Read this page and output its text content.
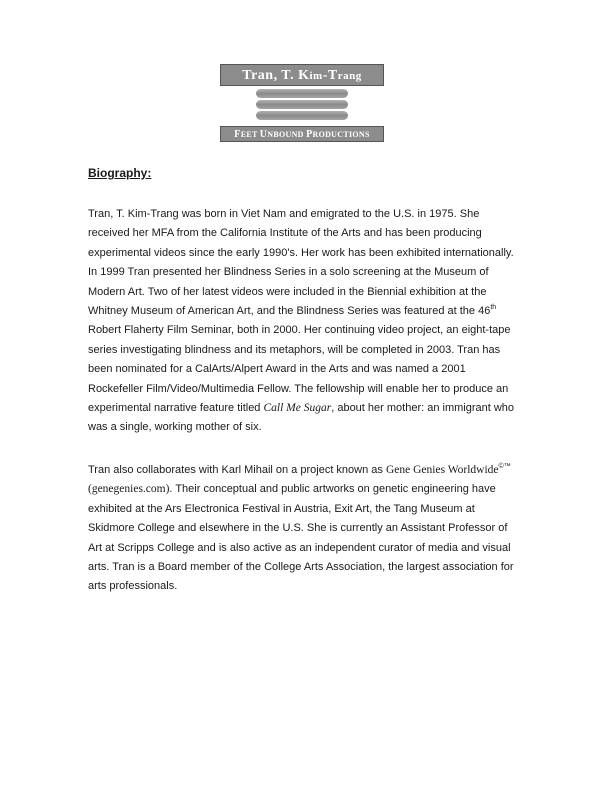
Tran, T. Kim-Trang
FEET UNBOUND PRODUCTIONS
Biography:

Tran, T. Kim-Trang was born in Viet Nam and emigrated to the U.S. in 1975. She

received her MFA from the California Institute of the Arts and has been producing

experimental videos since the early 1990's. Her work has been exhibited internationally.

In 1999 Tran presented her Blindness Series in a solo screening at the Museum of

Modern Art. Two of her latest videos were included in the Biennial exhibition at the

Whitney Museum of American Art, and the Blindness Series was featured at the 46th

Robert Flaherty Film Seminar, both in 2000. Her continuing video project, an eight-tape

series investigating blindness and its metaphors, will be completed in 2003. Tran has

been nominated for a CalArts/Alpert Award in the Arts and was named a 2001

Rockefeller Film/Video/Multimedia Fellow. The fellowship will enable her to produce an

experimental narrative feature titled Call Me Sugar, about her mother: an immigrant who

was a single, working mother of six.

Tran also collaborates with Karl Mihail on a project known as Gene Genies Worldwide©™

(genegenies.com). Their conceptual and public artworks on genetic engineering have

exhibited at the Ars Electronica Festival in Austria, Exit Art, the Tang Museum at

Skidmore College and elsewhere in the U.S. She is currently an Assistant Professor of

Art at Scripps College and is also active as an independent curator of media and visual

arts. Tran is a Board member of the College Arts Association, the largest association for

arts professionals.
